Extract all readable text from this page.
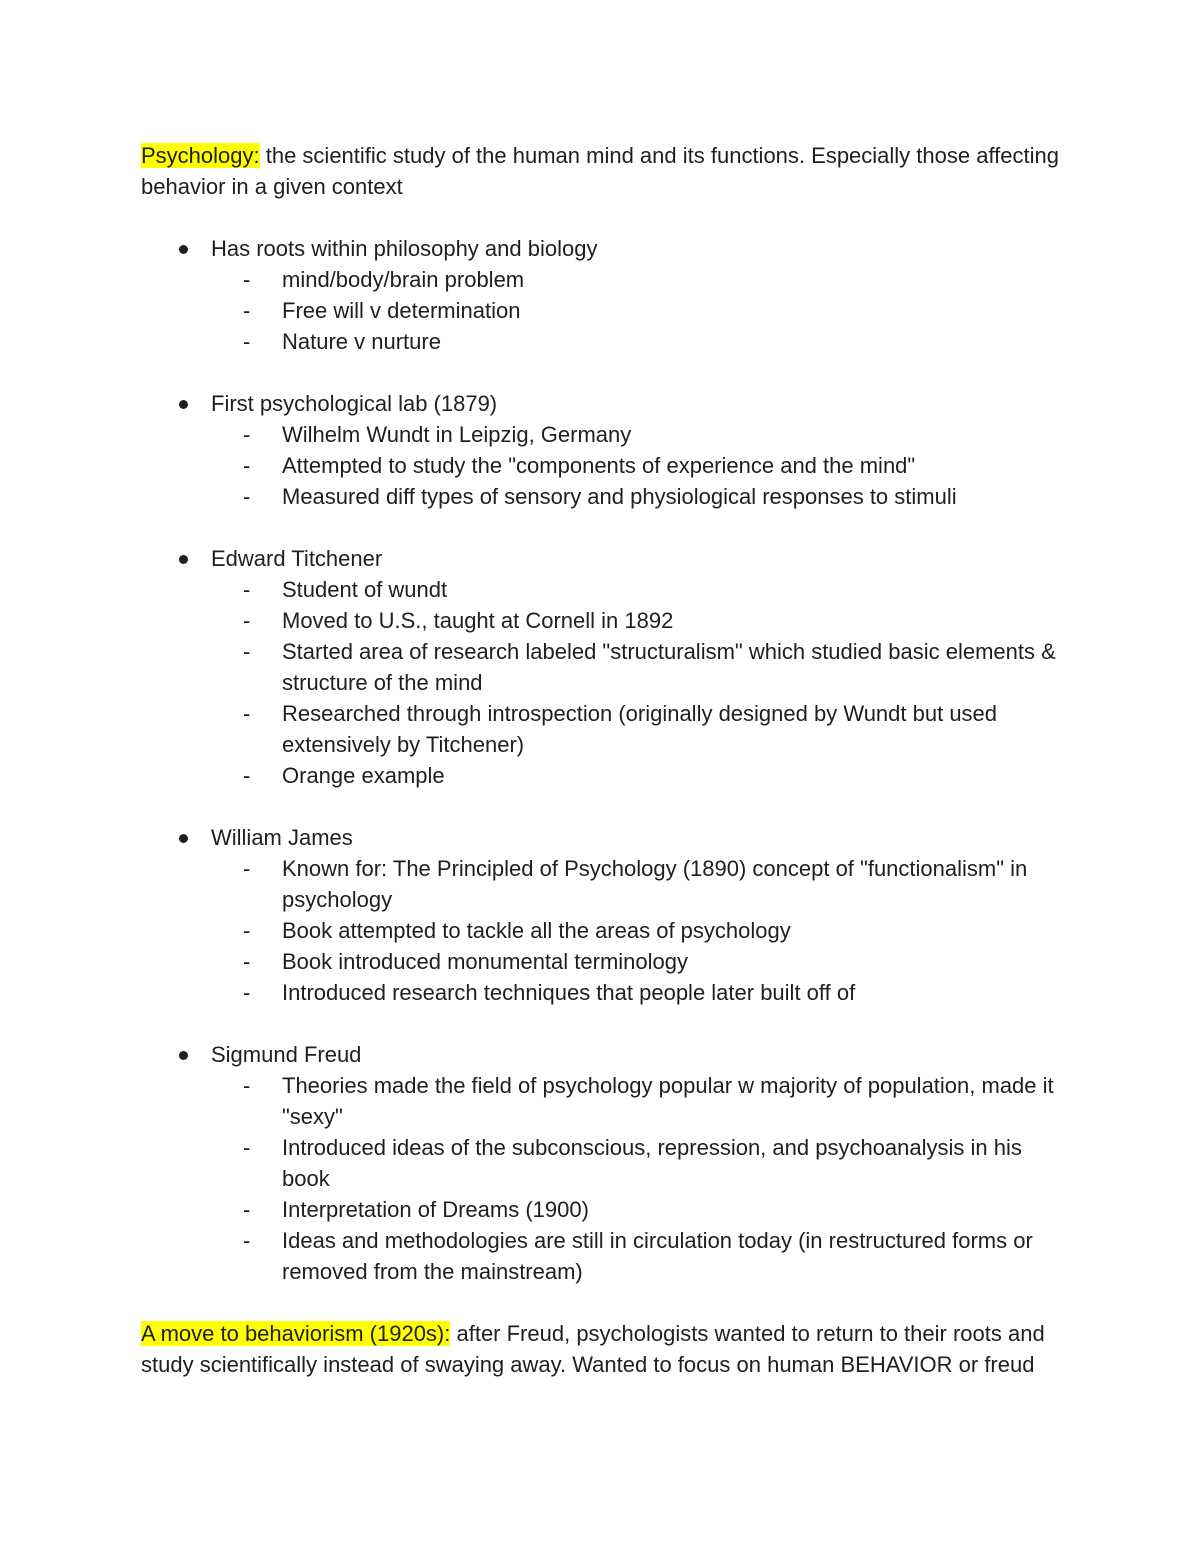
Psychology: the scientific study of the human mind and its functions. Especially those affecting behavior in a given context

Has roots within philosophy and biology
- mind/body/brain problem
- Free will v determination
- Nature v nurture
First psychological lab (1879)
- Wilhelm Wundt in Leipzig, Germany
- Attempted to study the "components of experience and the mind"
- Measured diff types of sensory and physiological responses to stimuli
Edward Titchener
- Student of wundt
- Moved to U.S., taught at Cornell in 1892
- Started area of research labeled "structuralism" which studied basic elements & structure of the mind
- Researched through introspection (originally designed by Wundt but used extensively by Titchener)
- Orange example
William James
- Known for: The Principled of Psychology (1890) concept of "functionalism" in psychology
- Book attempted to tackle all the areas of psychology
- Book introduced monumental terminology
- Introduced research techniques that people later built off of
Sigmund Freud
- Theories made the field of psychology popular w majority of population, made it "sexy"
- Introduced ideas of the subconscious, repression, and psychoanalysis in his book
- Interpretation of Dreams (1900)
- Ideas and methodologies are still in circulation today (in restructured forms or removed from the mainstream)

A move to behaviorism (1920s): after Freud, psychologists wanted to return to their roots and study scientifically instead of swaying away. Wanted to focus on human BEHAVIOR or freud
